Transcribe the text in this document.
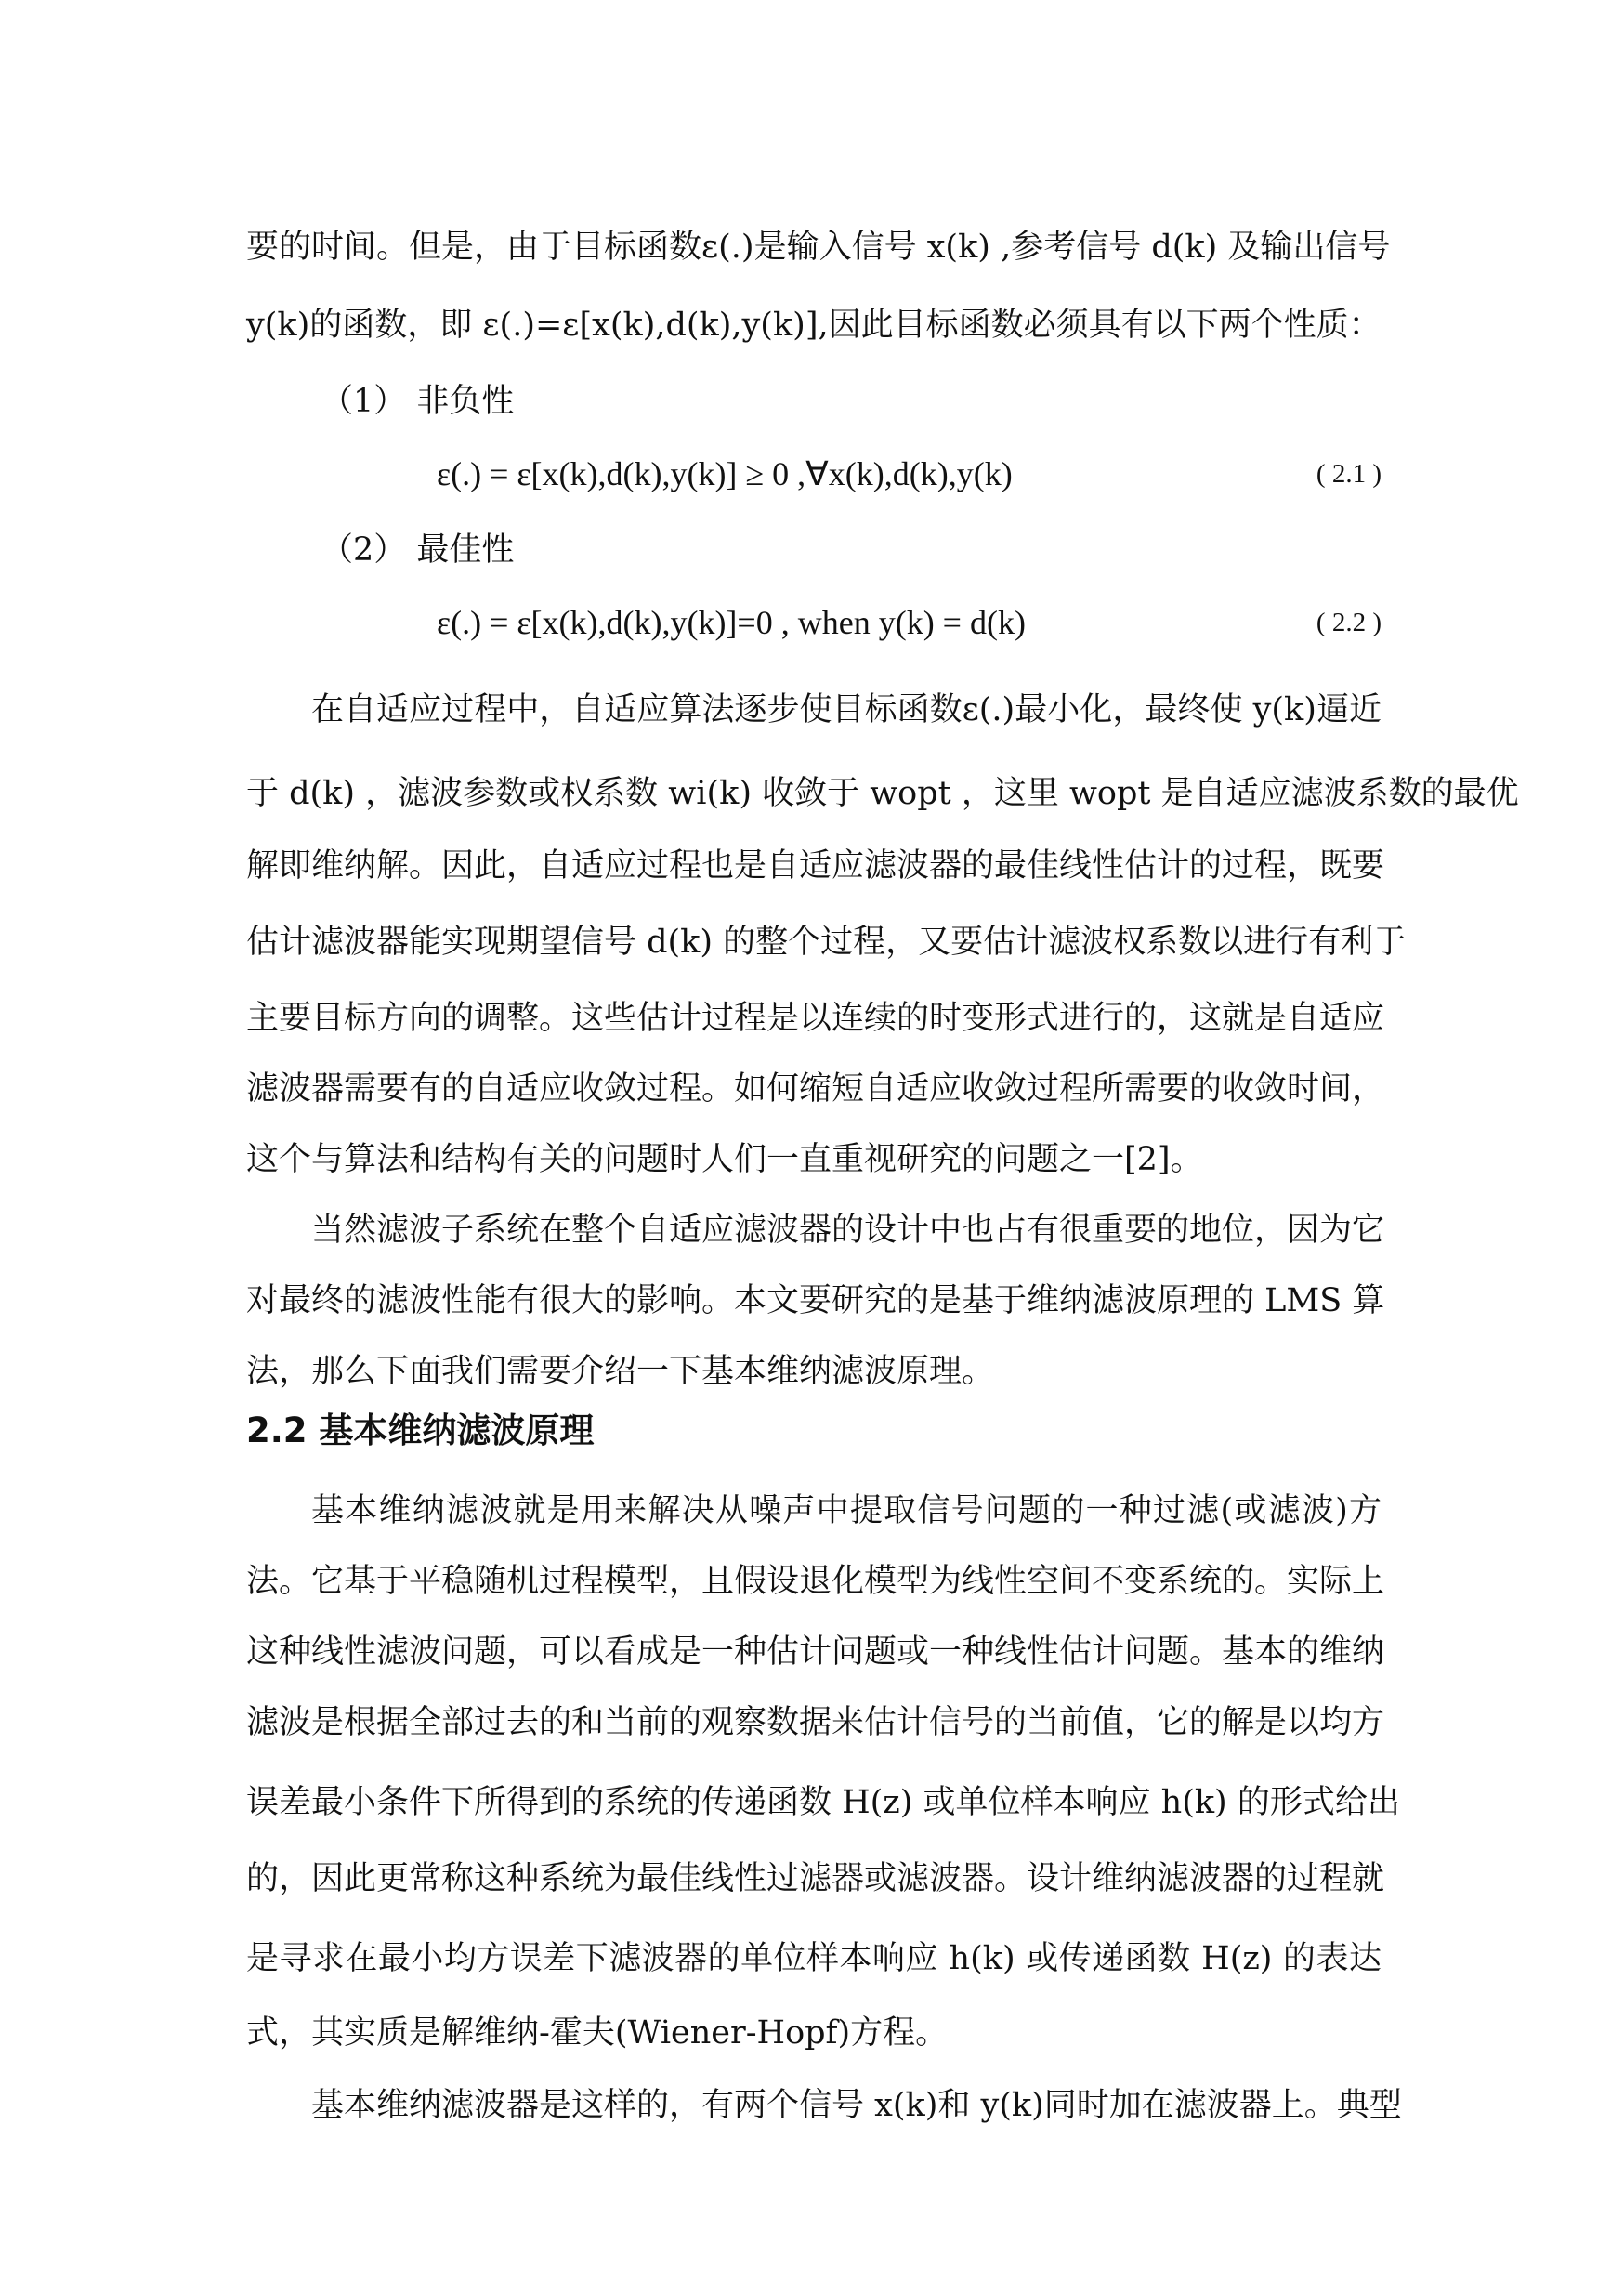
要的时间。但是，由于目标函数ε(.)是输入信号 x(k) ,参考信号 d(k) 及输出信号
y(k)的函数，即 ε(.)=ε[x(k),d(k),y(k)],因此目标函数必须具有以下两个性质：
（1） 非负性
ε(.) = ε[x(k),d(k),y(k)] ≥ 0 ,∀x(k),d(k),y(k)	( 2.1 )
（2） 最佳性
ε(.) = ε[x(k),d(k),y(k)]=0 , when y(k) = d(k)	( 2.2 )
在自适应过程中，自适应算法逐步使目标函数ε(.)最小化，最终使 y(k)逼近
于 d(k) ，滤波参数或权系数 wi(k) 收敛于 wopt ，这里 wopt 是自适应滤波系数的最优
解即维纳解。因此，自适应过程也是自适应滤波器的最佳线性估计的过程，既要
估计滤波器能实现期望信号 d(k) 的整个过程，又要估计滤波权系数以进行有利于
主要目标方向的调整。这些估计过程是以连续的时变形式进行的，这就是自适应
滤波器需要有的自适应收敛过程。如何缩短自适应收敛过程所需要的收敛时间，
这个与算法和结构有关的问题时人们一直重视研究的问题之一[2]。
当然滤波子系统在整个自适应滤波器的设计中也占有很重要的地位，因为它
对最终的滤波性能有很大的影响。本文要研究的是基于维纳滤波原理的 LMS 算
法，那么下面我们需要介绍一下基本维纳滤波原理。
2.2 基本维纳滤波原理
基本维纳滤波就是用来解决从噪声中提取信号问题的一种过滤(或滤波)方
法。它基于平稳随机过程模型，且假设退化模型为线性空间不变系统的。实际上
这种线性滤波问题，可以看成是一种估计问题或一种线性估计问题。基本的维纳
滤波是根据全部过去的和当前的观察数据来估计信号的当前值，它的解是以均方
误差最小条件下所得到的系统的传递函数 H(z) 或单位样本响应 h(k) 的形式给出
的，因此更常称这种系统为最佳线性过滤器或滤波器。设计维纳滤波器的过程就
是寻求在最小均方误差下滤波器的单位样本响应 h(k) 或传递函数 H(z) 的表达
式，其实质是解维纳-霍夫(Wiener-Hopf)方程。
基本维纳滤波器是这样的，有两个信号 x(k)和 y(k)同时加在滤波器上。典型
